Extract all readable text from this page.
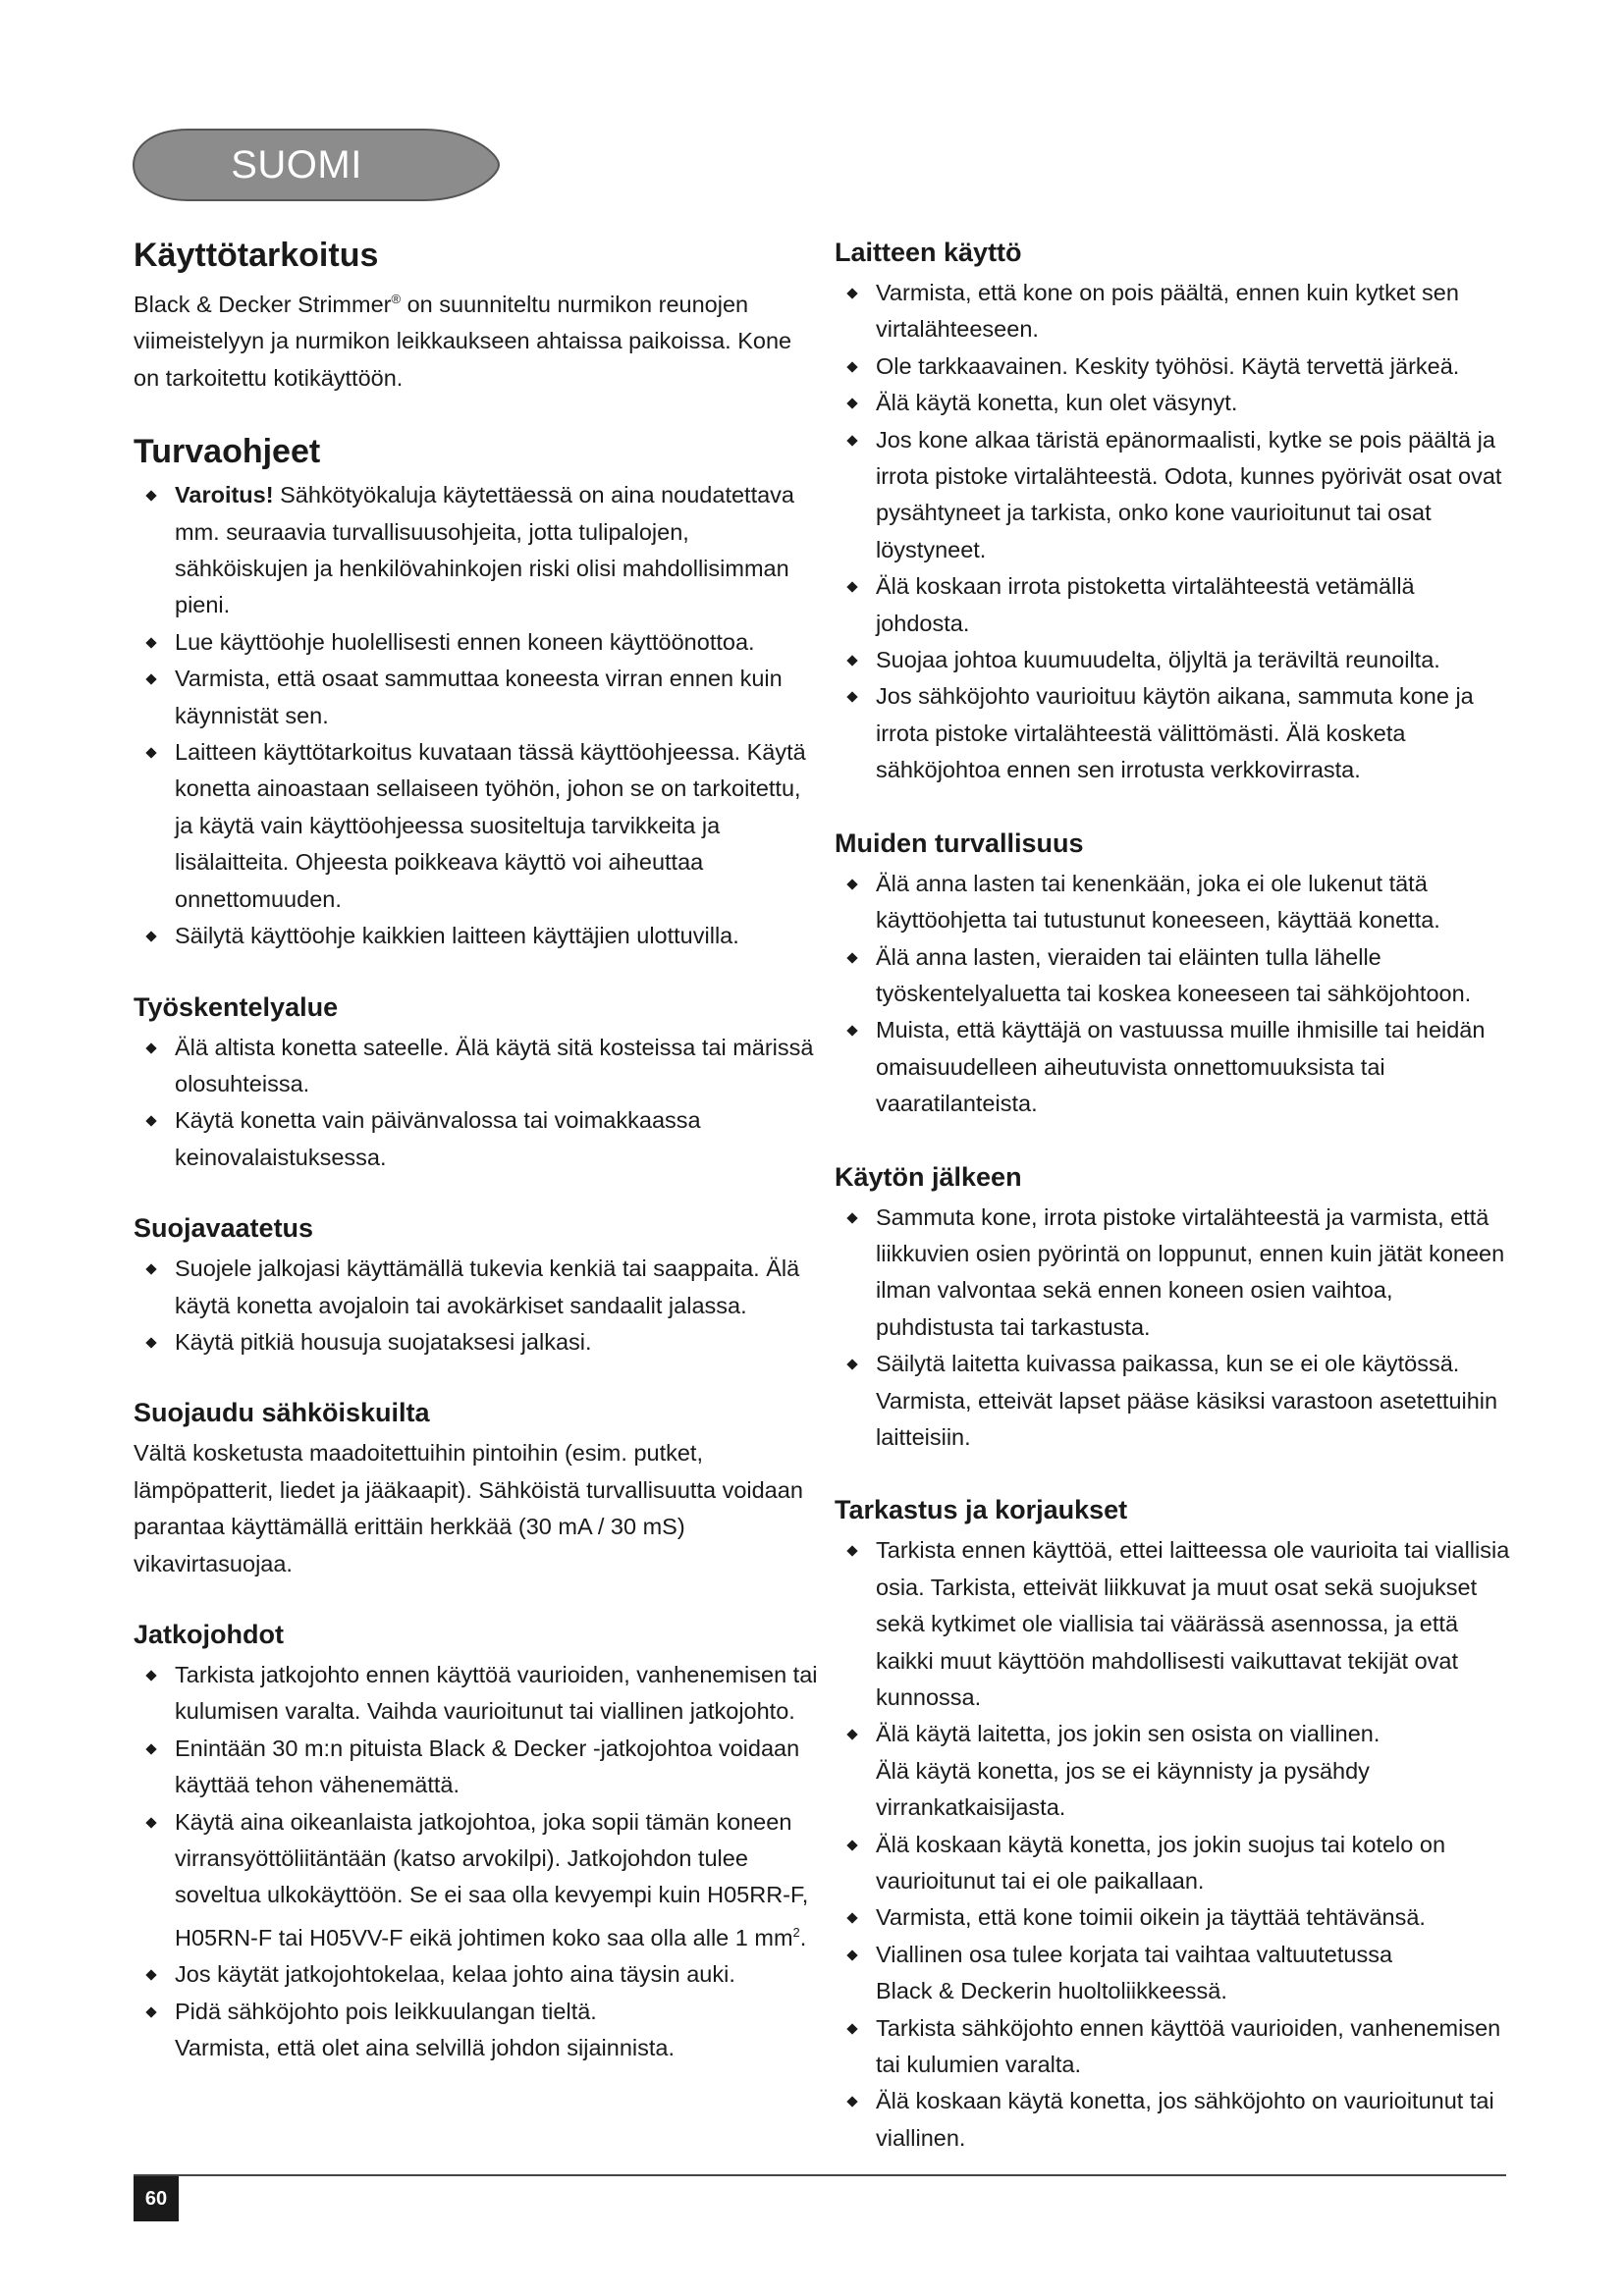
SUOMI
Käyttötarkoitus

Black & Decker Strimmer® on suunniteltu nurmikon reunojen viimeistelyyn ja nurmikon leikkaukseen ahtaissa paikoissa. Kone on tarkoitettu kotikäyttöön.

Turvaohjeet
Varoitus! Sähkötyökaluja käytettäessä on aina noudatettava mm. seuraavia turvallisuusohjeita, jotta tulipalojen, sähköiskujen ja henkilövahinkojen riski olisi mahdollisimman pieni.
Lue käyttöohje huolellisesti ennen koneen käyttöönottoa.
Varmista, että osaat sammuttaa koneesta virran ennen kuin käynnistät sen.
Laitteen käyttötarkoitus kuvataan tässä käyttöohjeessa. Käytä konetta ainoastaan sellaiseen työhön, johon se on tarkoitettu, ja käytä vain käyttöohjeessa suositeltuja tarvikkeita ja lisälaitteita. Ohjeesta poikkeava käyttö voi aiheuttaa onnettomuuden.
Säilytä käyttöohje kaikkien laitteen käyttäjien ulottuvilla.
Työskentelyalue
Älä altista konetta sateelle. Älä käytä sitä kosteissa tai märissä olosuhteissa.
Käytä konetta vain päivänvalossa tai voimakkaassa keinovalaistuksessa.
Suojavaatetus
Suojele jalkojasi käyttämällä tukevia kenkiä tai saappaita. Älä käytä konetta avojaloin tai avokärkiset sandaalit jalassa.
Käytä pitkiä housuja suojataksesi jalkasi.
Suojaudu sähköiskuilta

Vältä kosketusta maadoitettuihin pintoihin (esim. putket, lämpöpatterit, liedet ja jääkaapit). Sähköistä turvallisuutta voidaan parantaa käyttämällä erittäin herkkää (30 mA / 30 mS) vikavirtasuojaa.

Jatkojohdot
Tarkista jatkojohto ennen käyttöä vaurioiden, vanhenemisen tai kulumisen varalta. Vaihda vaurioitunut tai viallinen jatkojohto.
Enintään 30 m:n pituista Black & Decker -jatkojohtoa voidaan käyttää tehon vähenemättä.
Käytä aina oikeanlaista jatkojohtoa, joka sopii tämän koneen virransyöttöliitäntään (katso arvokilpi). Jatkojohdon tulee soveltua ulkokäyttöön. Se ei saa olla kevyempi kuin H05RR-F, H05RN-F tai H05VV-F eikä johtimen koko saa olla alle 1 $mm^2$.
Jos käytät jatkojohtokelaa, kelaa johto aina täysin auki.
Pidä sähköjohto pois leikkuulangan tieltä.
Varmista, että olet aina selvillä johdon sijainnista.
Laitteen käyttö
Varmista, että kone on pois päältä, ennen kuin kytket sen virtalähteeseen.
Ole tarkkaavainen. Keskity työhösi. Käytä tervettä järkeä.
Älä käytä konetta, kun olet väsynyt.
Jos kone alkaa täristä epänormaalisti, kytke se pois päältä ja irrota pistoke virtalähteestä. Odota, kunnes pyörivät osat ovat pysähtyneet ja tarkista, onko kone vaurioitunut tai osat löystyneet.
Älä koskaan irrota pistoketta virtalähteestä vetämällä johdosta.
Suojaa johtoa kuumuudelta, öljyltä ja teräviltä reunoilta.
Jos sähköjohto vaurioituu käytön aikana, sammuta kone ja irrota pistoke virtalähteestä välittömästi. Älä kosketa sähköjohtoa ennen sen irrotusta verkkovirrasta.
Muiden turvallisuus
Älä anna lasten tai kenenkään, joka ei ole lukenut tätä käyttöohjetta tai tutustunut koneeseen, käyttää konetta.
Älä anna lasten, vieraiden tai eläinten tulla lähelle työskentelyaluetta tai koskea koneeseen tai sähköjohtoon.
Muista, että käyttäjä on vastuussa muille ihmisille tai heidän omaisuudelleen aiheutuvista onnettomuuksista tai vaaratilanteista.
Käytön jälkeen
Sammuta kone, irrota pistoke virtalähteestä ja varmista, että liikkuvien osien pyörintä on loppunut, ennen kuin jätät koneen ilman valvontaa sekä ennen koneen osien vaihtoa, puhdistusta tai tarkastusta.
Säilytä laitetta kuivassa paikassa, kun se ei ole käytössä. Varmista, etteivät lapset pääse käsiksi varastoon asetettuihin laitteisiin.
Tarkastus ja korjaukset
Tarkista ennen käyttöä, ettei laitteessa ole vaurioita tai viallisia osia. Tarkista, etteivät liikkuvat ja muut osat sekä suojukset sekä kytkimet ole viallisia tai väärässä asennossa, ja että kaikki muut käyttöön mahdollisesti vaikuttavat tekijät ovat kunnossa.
Älä käytä laitetta, jos jokin sen osista on viallinen.
Älä käytä konetta, jos se ei käynnisty ja pysähdy virrankatkaisijasta.
Älä koskaan käytä konetta, jos jokin suojus tai kotelo on vaurioitunut tai ei ole paikallaan.
Varmista, että kone toimii oikein ja täyttää tehtävänsä.
Viallinen osa tulee korjata tai vaihtaa valtuutetussa
Black & Deckerin huoltoliikkeessä.
Tarkista sähköjohto ennen käyttöä vaurioiden, vanhenemisen tai kulumien varalta.
Älä koskaan käytä konetta, jos sähköjohto on vaurioitunut tai viallinen.
60
